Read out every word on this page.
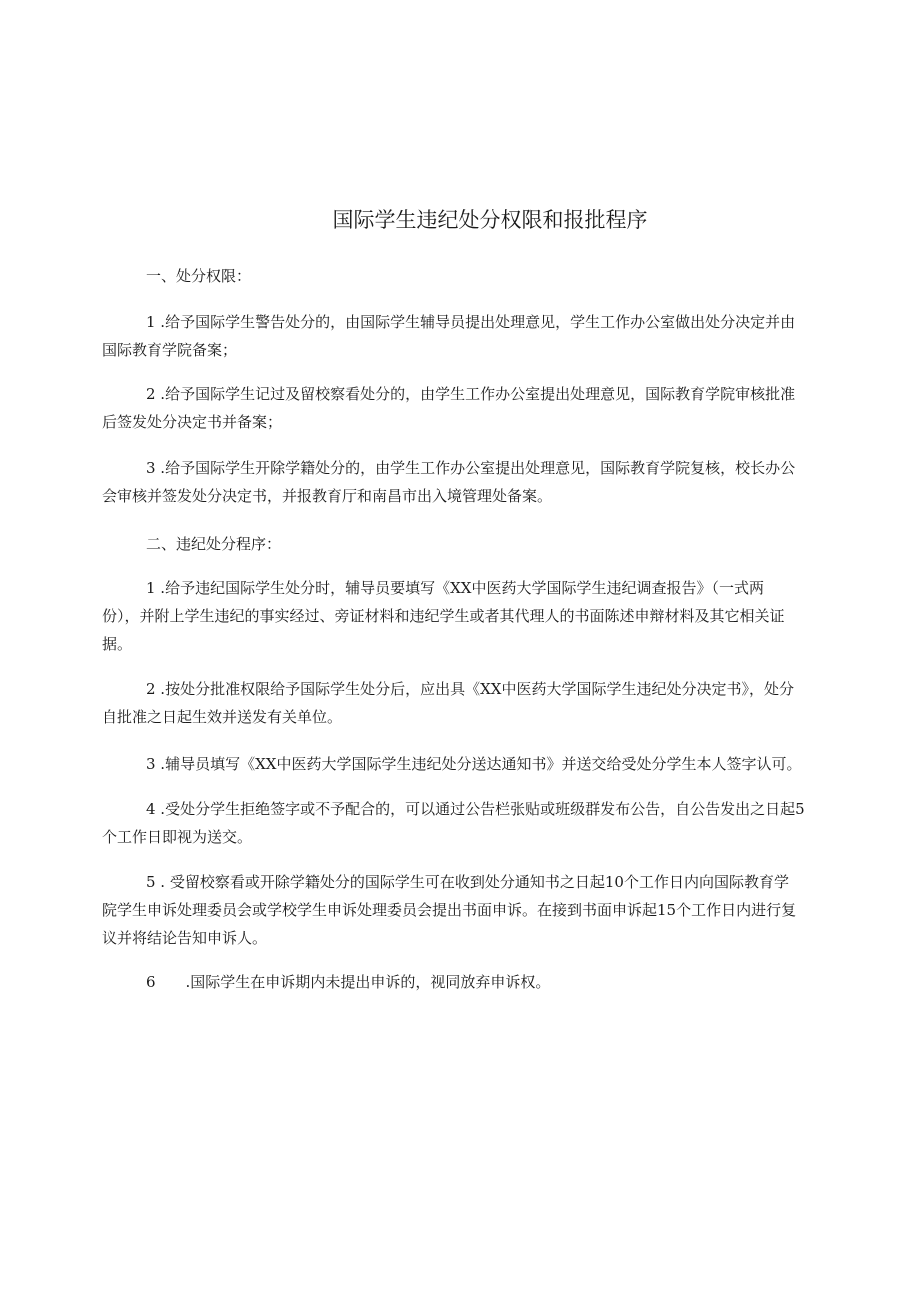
国际学生违纪处分权限和报批程序
一、处分权限：
1 .给予国际学生警告处分的，由国际学生辅导员提出处理意见，学生工作办公室做出处分决定并由
国际教育学院备案；
2 .给予国际学生记过及留校察看处分的，由学生工作办公室提出处理意见，国际教育学院审核批准
后签发处分决定书并备案；
3 .给予国际学生开除学籍处分的，由学生工作办公室提出处理意见，国际教育学院复核，校长办公
会审核并签发处分决定书，并报教育厅和南昌市出入境管理处备案。
二、违纪处分程序：
1 .给予违纪国际学生处分时，辅导员要填写《XX中医药大学国际学生违纪调查报告》（一式两
份），并附上学生违纪的事实经过、旁证材料和违纪学生或者其代理人的书面陈述申辩材料及其它相关证
据。
2 .按处分批准权限给予国际学生处分后，应出具《XX中医药大学国际学生违纪处分决定书》，处分
自批准之日起生效并送发有关单位。
3 .辅导员填写《XX中医药大学国际学生违纪处分送达通知书》并送交给受处分学生本人签字认可。
4 .受处分学生拒绝签字或不予配合的，可以通过公告栏张贴或班级群发布公告，自公告发出之日起5
个工作日即视为送交。
5 . 受留校察看或开除学籍处分的国际学生可在收到处分通知书之日起10个工作日内向国际教育学
院学生申诉处理委员会或学校学生申诉处理委员会提出书面申诉。在接到书面申诉起15个工作日内进行复
议并将结论告知申诉人。
6　　.国际学生在申诉期内未提出申诉的，视同放弃申诉权。
